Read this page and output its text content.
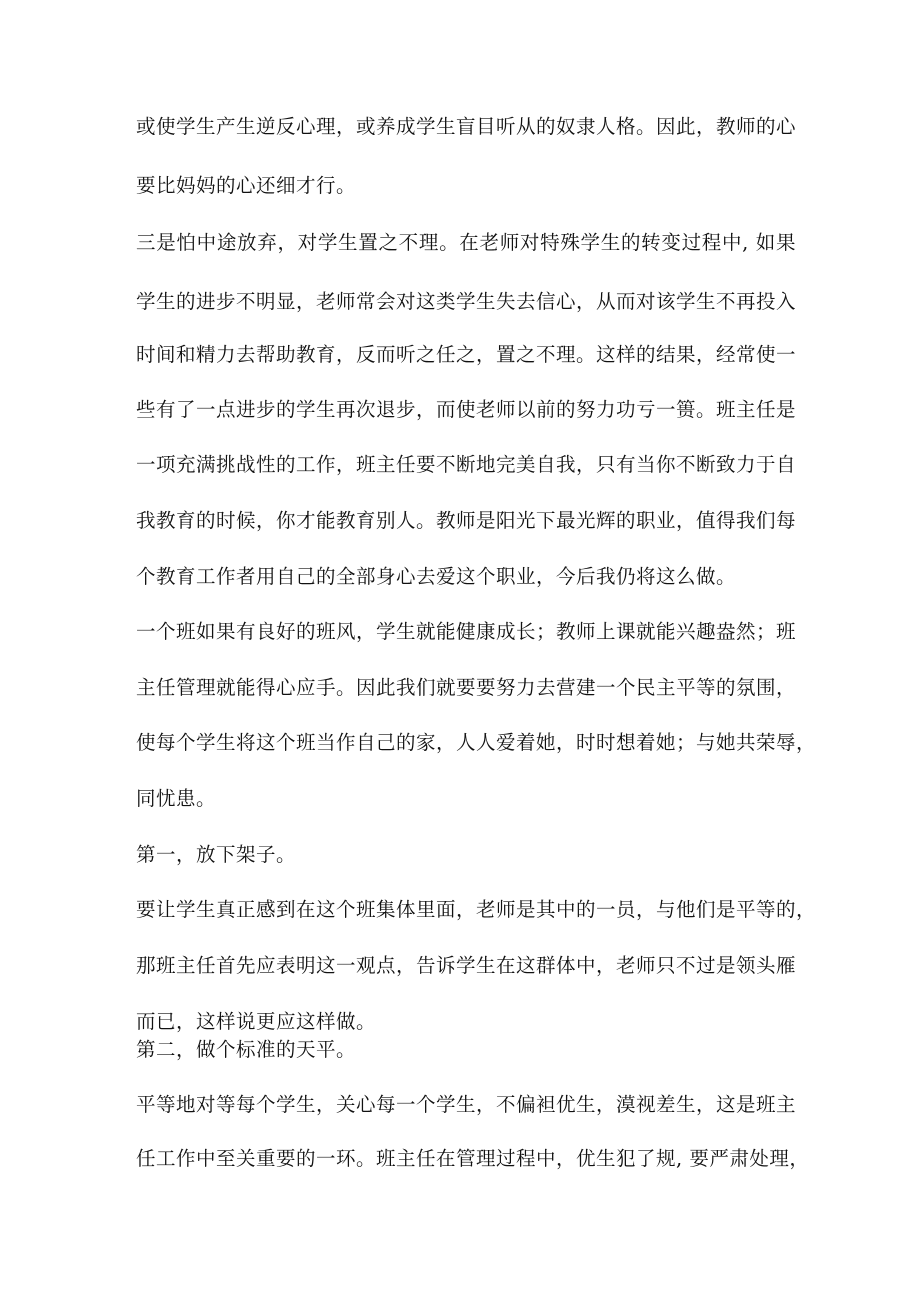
或使学生产生逆反心理，或养成学生盲目听从的奴隶人格。因此，教师的心
要比妈妈的心还细才行。
三是怕中途放弃，对学生置之不理。在老师对特殊学生的转变过程中, 如果
学生的进步不明显，老师常会对这类学生失去信心，从而对该学生不再投入
时间和精力去帮助教育，反而听之任之，置之不理。这样的结果，经常使一
些有了一点进步的学生再次退步，而使老师以前的努力功亏一篑。班主任是
一项充满挑战性的工作，班主任要不断地完美自我，只有当你不断致力于自
我教育的时候，你才能教育别人。教师是阳光下最光辉的职业，值得我们每
个教育工作者用自己的全部身心去爱这个职业，今后我仍将这么做。
一个班如果有良好的班风，学生就能健康成长；教师上课就能兴趣盎然；班
主任管理就能得心应手。因此我们就要要努力去营建一个民主平等的氛围，
使每个学生将这个班当作自己的家，人人爱着她，时时想着她；与她共荣辱，
同忧患。
第一，放下架子。
要让学生真正感到在这个班集体里面，老师是其中的一员，与他们是平等的，
那班主任首先应表明这一观点，告诉学生在这群体中，老师只不过是领头雁
而已，这样说更应这样做。
第二，做个标准的天平。
平等地对等每个学生，关心每一个学生，不偏袒优生，漠视差生，这是班主
任工作中至关重要的一环。班主任在管理过程中，优生犯了规, 要严肃处理，
